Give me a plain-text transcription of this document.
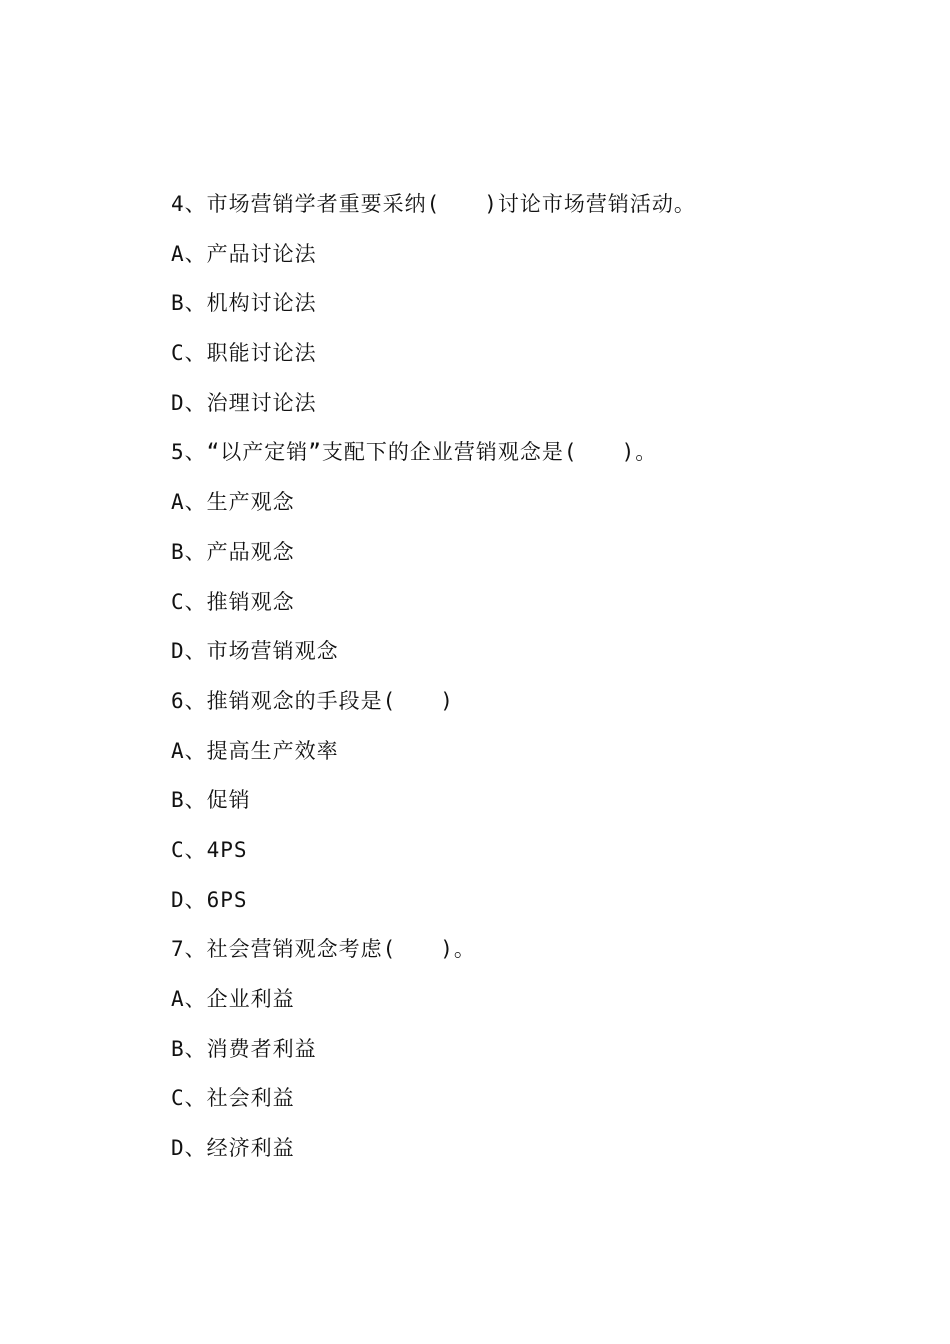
4、市场营销学者重要采纳(　　)讨论市场营销活动。
A、产品讨论法
B、机构讨论法
C、职能讨论法
D、治理讨论法
5、“以产定销”支配下的企业营销观念是(　　)。
A、生产观念
B、产品观念
C、推销观念
D、市场营销观念
6、推销观念的手段是(　　)
A、提高生产效率
B、促销
C、4PS
D、6PS
7、社会营销观念考虑(　　)。
A、企业利益
B、消费者利益
C、社会利益
D、经济利益
